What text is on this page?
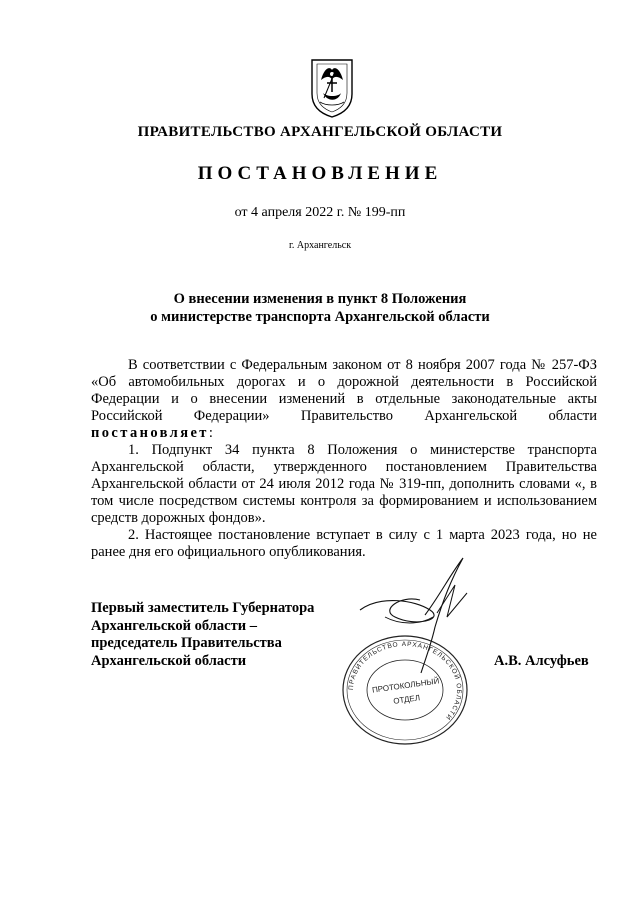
ПРАВИТЕЛЬСТВО АРХАНГЕЛЬСКОЙ ОБЛАСТИ
ПОСТАНОВЛЕНИЕ
от 4 апреля 2022 г. № 199-пп
г. Архангельск
О внесении изменения в пункт 8 Положения
о министерстве транспорта Архангельской области

В соответствии с Федеральным законом от 8 ноября 2007 года № 257-ФЗ «Об автомобильных дорогах и о дорожной деятельности в Российской Федерации и о внесении изменений в отдельные законодательные акты Российской Федерации» Правительство Архангельской области постановляет:

1. Подпункт 34 пункта 8 Положения о министерстве транспорта Архангельской области, утвержденного постановлением Правительства Архангельской области от 24 июля 2012 года № 319-пп, дополнить словами «, в том числе посредством системы контроля за формированием и использованием средств дорожных фондов».

2. Настоящее постановление вступает в силу с 1 марта 2023 года, но не ранее дня его официального опубликования.

Первый заместитель Губернатора
Архангельской области –
председатель Правительства
Архангельской области
ПРАВИТЕЛЬСТВО АРХАНГЕЛЬСКОЙ ОБЛАСТИ
ПРОТОКОЛЬНЫЙ
ОТДЕЛ
А.В. Алсуфьев
